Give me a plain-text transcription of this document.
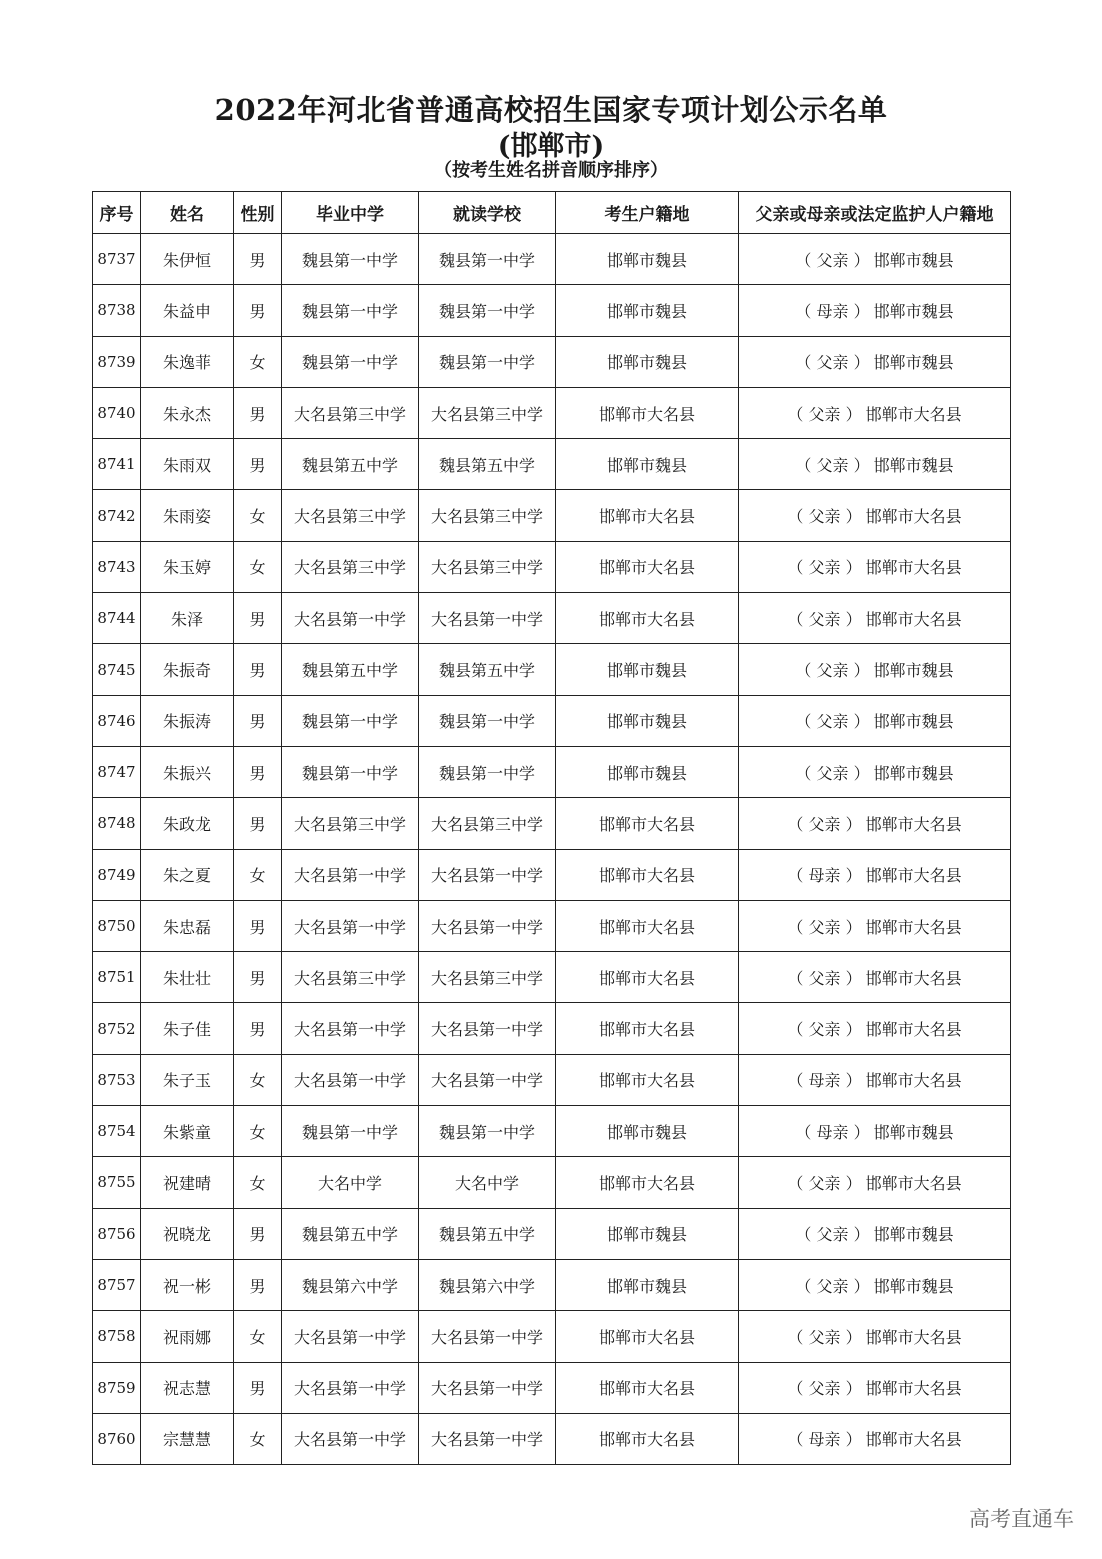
2022年河北省普通高校招生国家专项计划公示名单
(邯郸市)
（按考生姓名拼音顺序排序）
序号	姓名	性别	毕业中学	就读学校	考生户籍地	父亲或母亲或法定监护人户籍地
8737	朱伊恒	男	魏县第一中学	魏县第一中学	邯郸市魏县	（ 父亲 ） 邯郸市魏县
8738	朱益申	男	魏县第一中学	魏县第一中学	邯郸市魏县	（ 母亲 ） 邯郸市魏县
8739	朱逸菲	女	魏县第一中学	魏县第一中学	邯郸市魏县	（ 父亲 ） 邯郸市魏县
8740	朱永杰	男	大名县第三中学	大名县第三中学	邯郸市大名县	（ 父亲 ） 邯郸市大名县
8741	朱雨双	男	魏县第五中学	魏县第五中学	邯郸市魏县	（ 父亲 ） 邯郸市魏县
8742	朱雨姿	女	大名县第三中学	大名县第三中学	邯郸市大名县	（ 父亲 ） 邯郸市大名县
8743	朱玉婷	女	大名县第三中学	大名县第三中学	邯郸市大名县	（ 父亲 ） 邯郸市大名县
8744	朱泽	男	大名县第一中学	大名县第一中学	邯郸市大名县	（ 父亲 ） 邯郸市大名县
8745	朱振奇	男	魏县第五中学	魏县第五中学	邯郸市魏县	（ 父亲 ） 邯郸市魏县
8746	朱振涛	男	魏县第一中学	魏县第一中学	邯郸市魏县	（ 父亲 ） 邯郸市魏县
8747	朱振兴	男	魏县第一中学	魏县第一中学	邯郸市魏县	（ 父亲 ） 邯郸市魏县
8748	朱政龙	男	大名县第三中学	大名县第三中学	邯郸市大名县	（ 父亲 ） 邯郸市大名县
8749	朱之夏	女	大名县第一中学	大名县第一中学	邯郸市大名县	（ 母亲 ） 邯郸市大名县
8750	朱忠磊	男	大名县第一中学	大名县第一中学	邯郸市大名县	（ 父亲 ） 邯郸市大名县
8751	朱壮壮	男	大名县第三中学	大名县第三中学	邯郸市大名县	（ 父亲 ） 邯郸市大名县
8752	朱子佳	男	大名县第一中学	大名县第一中学	邯郸市大名县	（ 父亲 ） 邯郸市大名县
8753	朱子玉	女	大名县第一中学	大名县第一中学	邯郸市大名县	（ 母亲 ） 邯郸市大名县
8754	朱紫童	女	魏县第一中学	魏县第一中学	邯郸市魏县	（ 母亲 ） 邯郸市魏县
8755	祝建晴	女	大名中学	大名中学	邯郸市大名县	（ 父亲 ） 邯郸市大名县
8756	祝晓龙	男	魏县第五中学	魏县第五中学	邯郸市魏县	（ 父亲 ） 邯郸市魏县
8757	祝一彬	男	魏县第六中学	魏县第六中学	邯郸市魏县	（ 父亲 ） 邯郸市魏县
8758	祝雨娜	女	大名县第一中学	大名县第一中学	邯郸市大名县	（ 父亲 ） 邯郸市大名县
8759	祝志慧	男	大名县第一中学	大名县第一中学	邯郸市大名县	（ 父亲 ） 邯郸市大名县
8760	宗慧慧	女	大名县第一中学	大名县第一中学	邯郸市大名县	（ 母亲 ） 邯郸市大名县
高考直通车
